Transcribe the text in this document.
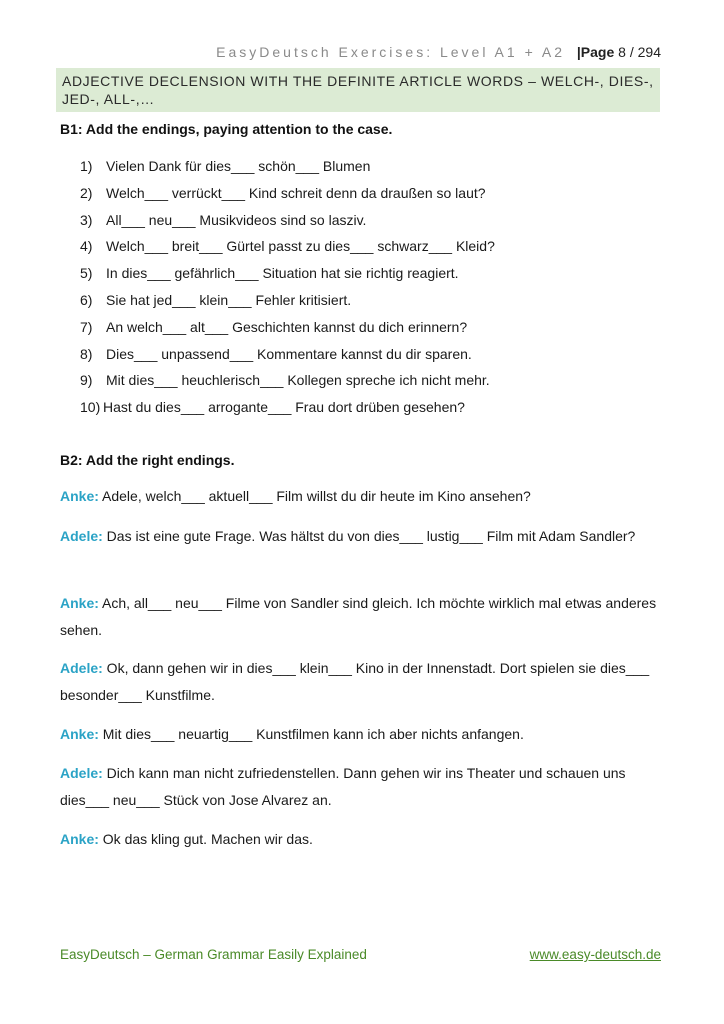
EasyDeutsch Exercises: Level A1 + A2 |Page 8 / 294
ADJECTIVE DECLENSION WITH THE DEFINITE ARTICLE WORDS – WELCH-, DIES-, JED-, ALL-,…
B1: Add the endings, paying attention to the case.
1) Vielen Dank für dies___ schön___ Blumen
2) Welch___ verrückt___ Kind schreit denn da draußen so laut?
3) All___ neu___ Musikvideos sind so lasziv.
4) Welch___ breit___ Gürtel passt zu dies___ schwarz___ Kleid?
5) In dies___ gefährlich___ Situation hat sie richtig reagiert.
6) Sie hat jed___ klein___ Fehler kritisiert.
7) An welch___ alt___ Geschichten kannst du dich erinnern?
8) Dies___ unpassend___ Kommentare kannst du dir sparen.
9) Mit dies___ heuchlerisch___ Kollegen spreche ich nicht mehr.
10) Hast du dies___ arrogante___ Frau dort drüben gesehen?
B2: Add the right endings.
Anke: Adele, welch___ aktuell___ Film willst du dir heute im Kino ansehen?
Adele: Das ist eine gute Frage. Was hältst du von dies___ lustig___ Film mit Adam Sandler?
Anke: Ach, all___ neu___ Filme von Sandler sind gleich. Ich möchte wirklich mal etwas anderes sehen.
Adele: Ok, dann gehen wir in dies___ klein___ Kino in der Innenstadt. Dort spielen sie dies___ besonder___ Kunstfilme.
Anke: Mit dies___ neuartig___ Kunstfilmen kann ich aber nichts anfangen.
Adele: Dich kann man nicht zufriedenstellen. Dann gehen wir ins Theater und schauen uns dies___ neu___ Stück von Jose Alvarez an.
Anke: Ok das kling gut. Machen wir das.
EasyDeutsch – German Grammar Easily Explained	www.easy-deutsch.de
